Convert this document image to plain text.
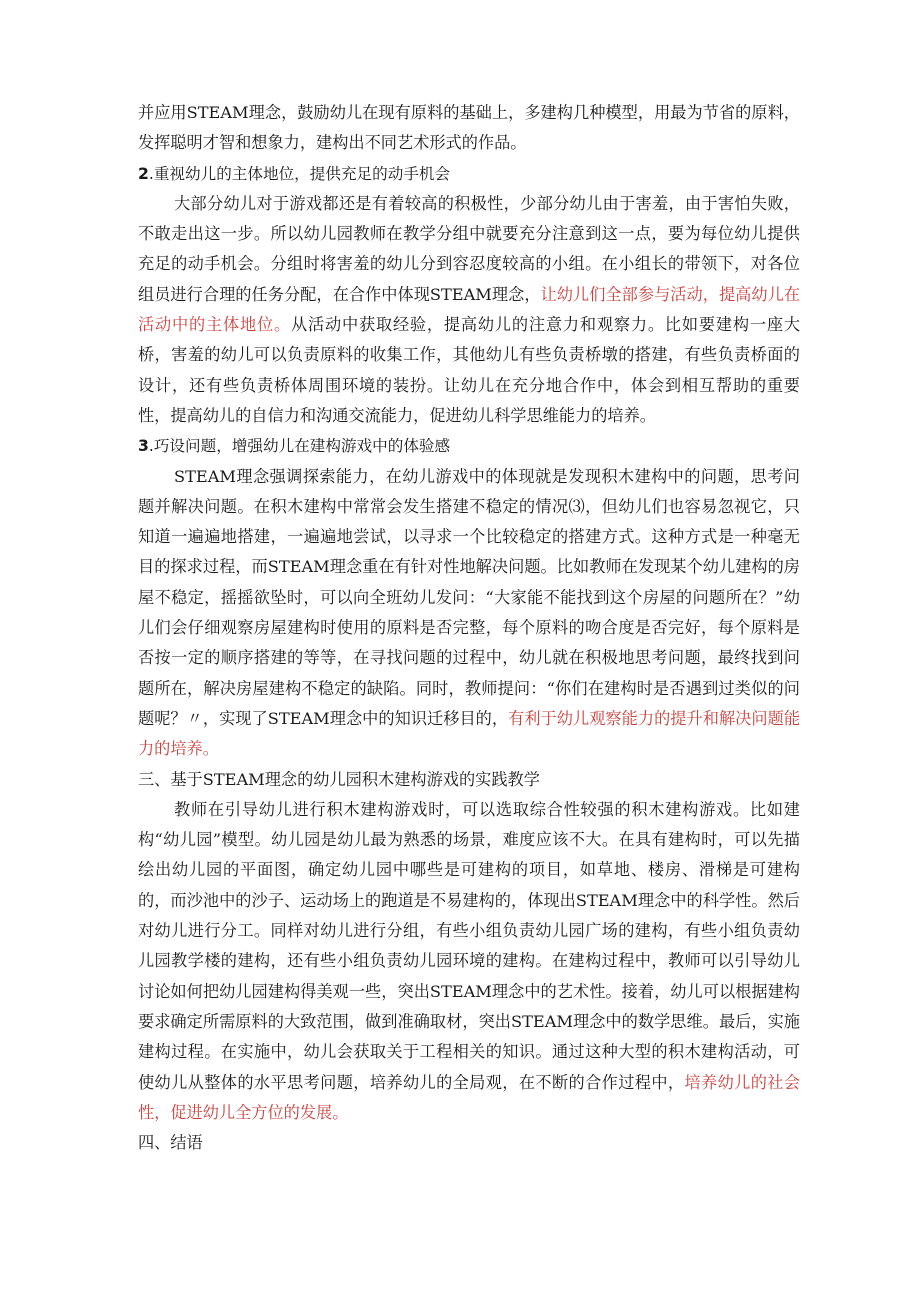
并应用STEAM理念，鼓励幼儿在现有原料的基础上，多建构几种模型，用最为节省的原料，发挥聪明才智和想象力，建构出不同艺术形式的作品。

2.重视幼儿的主体地位，提供充足的动手机会

大部分幼儿对于游戏都还是有着较高的积极性，少部分幼儿由于害羞，由于害怕失败，不敢走出这一步。所以幼儿园教师在教学分组中就要充分注意到这一点，要为每位幼儿提供充足的动手机会。分组时将害羞的幼儿分到容忍度较高的小组。在小组长的带领下，对各位组员进行合理的任务分配，在合作中体现STEAM理念，让幼儿们全部参与活动，提高幼儿在活动中的主体地位。从活动中获取经验，提高幼儿的注意力和观察力。比如要建构一座大桥，害羞的幼儿可以负责原料的收集工作，其他幼儿有些负责桥墩的搭建，有些负责桥面的设计，还有些负责桥体周围环境的装扮。让幼儿在充分地合作中，体会到相互帮助的重要性，提高幼儿的自信力和沟通交流能力，促进幼儿科学思维能力的培养。

3.巧设问题，增强幼儿在建构游戏中的体验感

STEAM理念强调探索能力，在幼儿游戏中的体现就是发现积木建构中的问题，思考问题并解决问题。在积木建构中常常会发生搭建不稳定的情况⑶，但幼儿们也容易忽视它，只知道一遍遍地搭建，一遍遍地尝试，以寻求一个比较稳定的搭建方式。这种方式是一种毫无目的探求过程，而STEAM理念重在有针对性地解决问题。比如教师在发现某个幼儿建构的房屋不稳定，摇摇欲坠时，可以向全班幼儿发问：“大家能不能找到这个房屋的问题所在？”幼儿们会仔细观察房屋建构时使用的原料是否完整，每个原料的吻合度是否完好，每个原料是否按一定的顺序搭建的等等，在寻找问题的过程中，幼儿就在积极地思考问题，最终找到问题所在，解决房屋建构不稳定的缺陷。同时，教师提问：“你们在建构时是否遇到过类似的问题呢？〃，实现了STEAM理念中的知识迁移目的，有利于幼儿观察能力的提升和解决问题能力的培养。

三、基于STEAM理念的幼儿园积木建构游戏的实践教学

教师在引导幼儿进行积木建构游戏时，可以选取综合性较强的积木建构游戏。比如建构“幼儿园”模型。幼儿园是幼儿最为熟悉的场景，难度应该不大。在具有建构时，可以先描绘出幼儿园的平面图，确定幼儿园中哪些是可建构的项目，如草地、楼房、滑梯是可建构的，而沙池中的沙子、运动场上的跑道是不易建构的，体现出STEAM理念中的科学性。然后对幼儿进行分工。同样对幼儿进行分组，有些小组负责幼儿园广场的建构，有些小组负责幼儿园教学楼的建构，还有些小组负责幼儿园环境的建构。在建构过程中，教师可以引导幼儿讨论如何把幼儿园建构得美观一些，突出STEAM理念中的艺术性。接着，幼儿可以根据建构要求确定所需原料的大致范围，做到准确取材，突出STEAM理念中的数学思维。最后，实施建构过程。在实施中，幼儿会获取关于工程相关的知识。通过这种大型的积木建构活动，可使幼儿从整体的水平思考问题，培养幼儿的全局观，在不断的合作过程中，培养幼儿的社会性，促进幼儿全方位的发展。

四、结语
